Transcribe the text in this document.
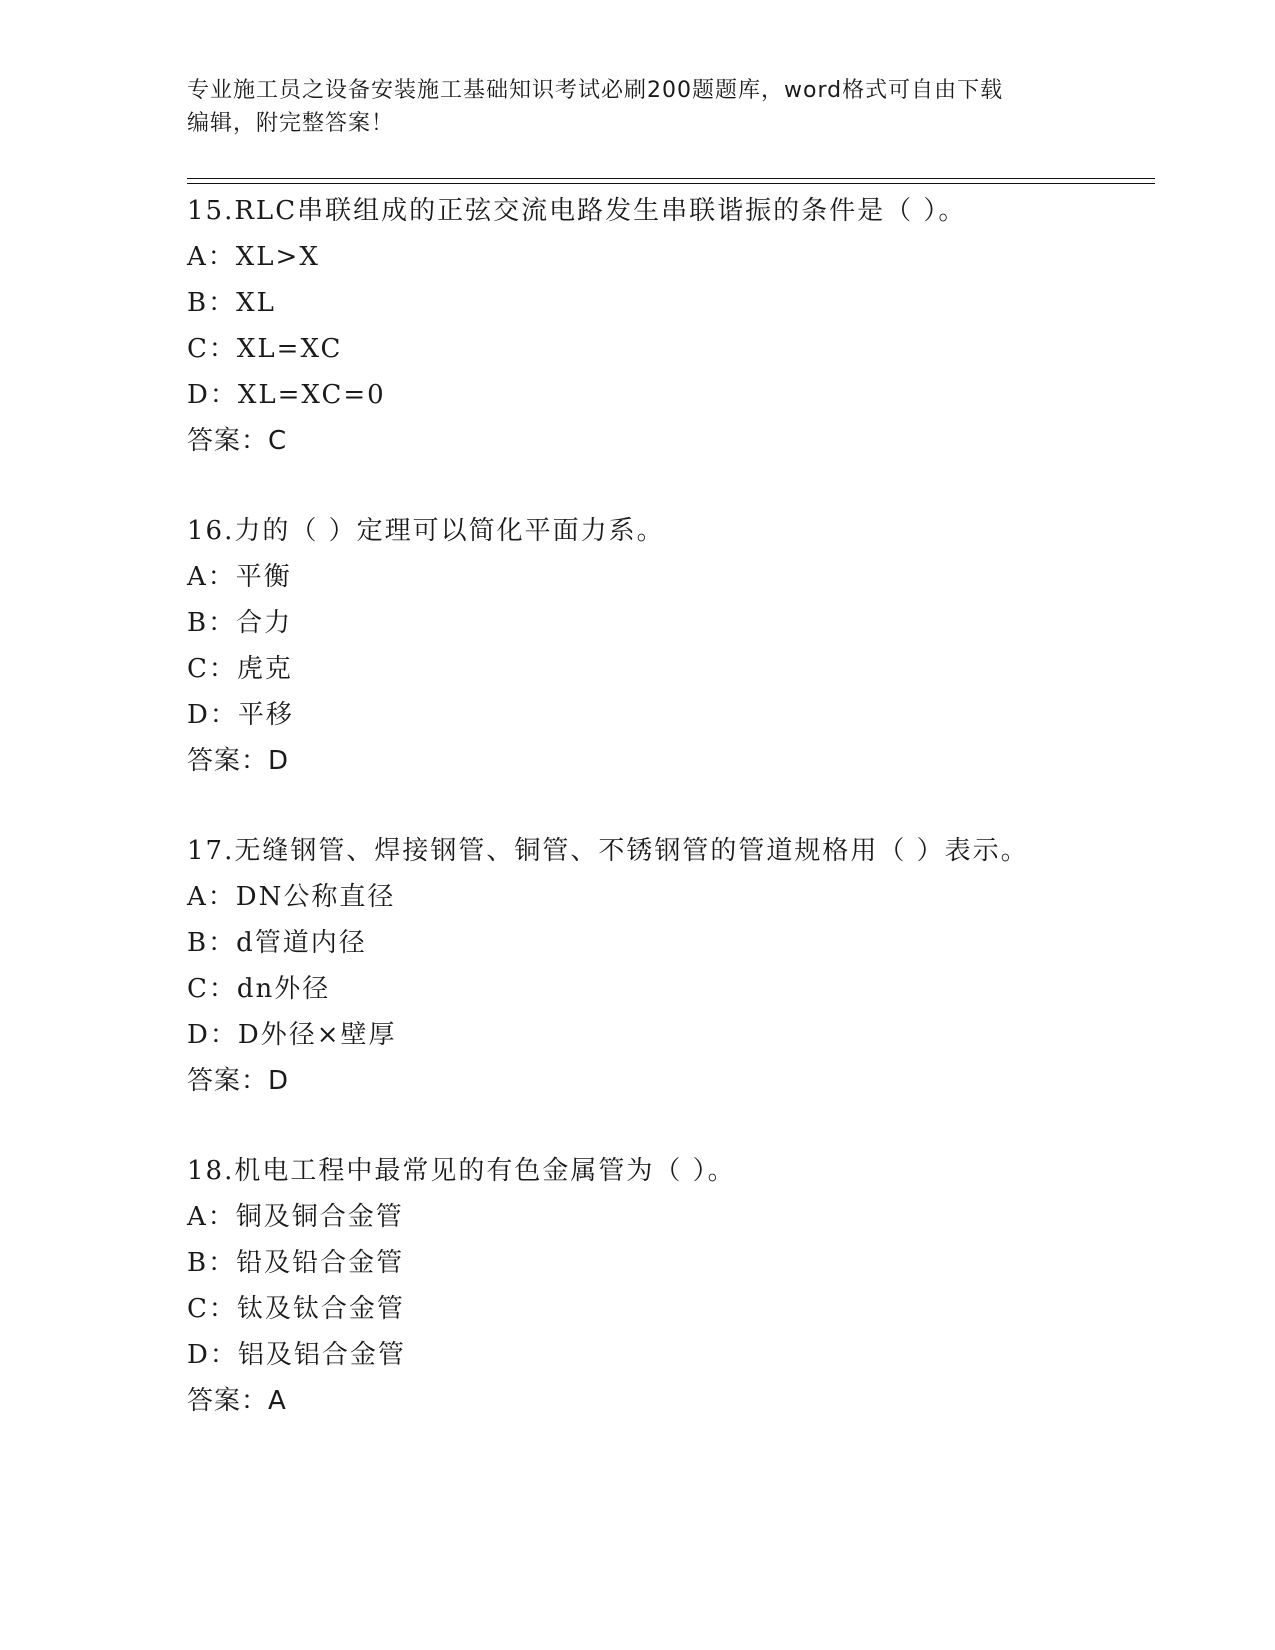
专业施工员之设备安装施工基础知识考试必刷200题题库，word格式可自由下载
编辑，附完整答案！
15.RLC串联组成的正弦交流电路发生串联谐振的条件是（ ）。
A：XL>X
B：XL
C：XL=XC
D：XL=XC=0
答案：C
16.力的（ ）定理可以简化平面力系。
A：平衡
B：合力
C：虎克
D：平移
答案：D
17.无缝钢管、焊接钢管、铜管、不锈钢管的管道规格用（ ）表示。
A：DN公称直径
B：d管道内径
C：dn外径
D：D外径×壁厚
答案：D
18.机电工程中最常见的有色金属管为（ ）。
A：铜及铜合金管
B：铅及铅合金管
C：钛及钛合金管
D：铝及铝合金管
答案：A
